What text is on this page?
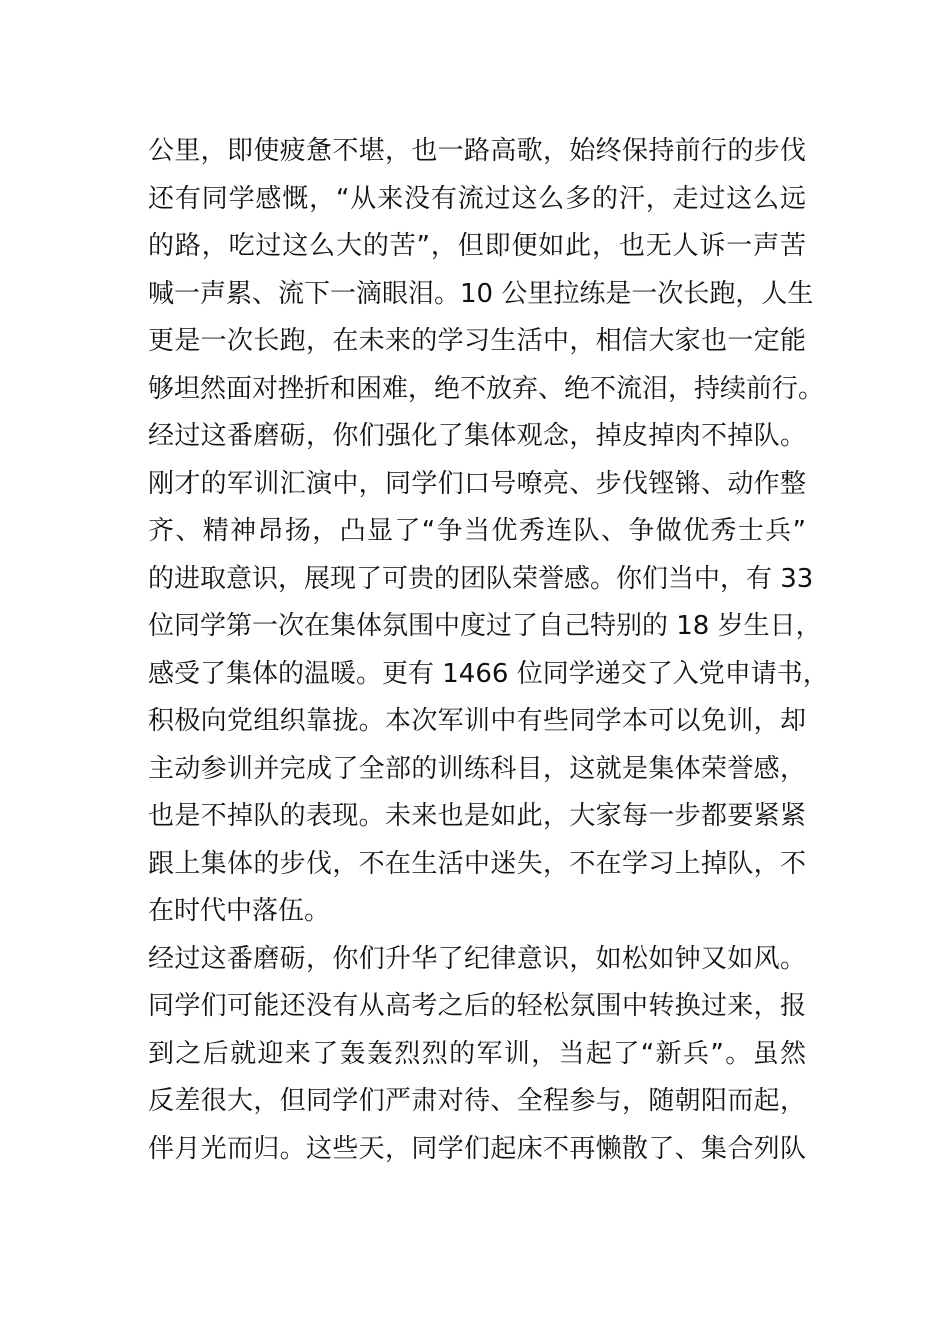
公里，即使疲惫不堪，也一路高歌，始终保持前行的步伐
还有同学感慨，“从来没有流过这么多的汗，走过这么远
的路，吃过这么大的苦”，但即便如此，也无人诉一声苦
喊一声累、流下一滴眼泪。10 公里拉练是一次长跑，人生
更是一次长跑，在未来的学习生活中，相信大家也一定能
够坦然面对挫折和困难，绝不放弃、绝不流泪，持续前行。
经过这番磨砺，你们强化了集体观念，掉皮掉肉不掉队。
刚才的军训汇演中，同学们口号嘹亮、步伐铿锵、动作整
齐、精神昂扬，凸显了“争当优秀连队、争做优秀士兵”
的进取意识，展现了可贵的团队荣誉感。你们当中，有 33
位同学第一次在集体氛围中度过了自己特别的 18 岁生日，
感受了集体的温暖。更有 1466 位同学递交了入党申请书，
积极向党组织靠拢。本次军训中有些同学本可以免训，却
主动参训并完成了全部的训练科目，这就是集体荣誉感，
也是不掉队的表现。未来也是如此，大家每一步都要紧紧
跟上集体的步伐，不在生活中迷失，不在学习上掉队，不
在时代中落伍。
经过这番磨砺，你们升华了纪律意识，如松如钟又如风。
同学们可能还没有从高考之后的轻松氛围中转换过来，报
到之后就迎来了轰轰烈烈的军训，当起了“新兵”。虽然
反差很大，但同学们严肃对待、全程参与，随朝阳而起，
伴月光而归。这些天，同学们起床不再懒散了、集合列队
